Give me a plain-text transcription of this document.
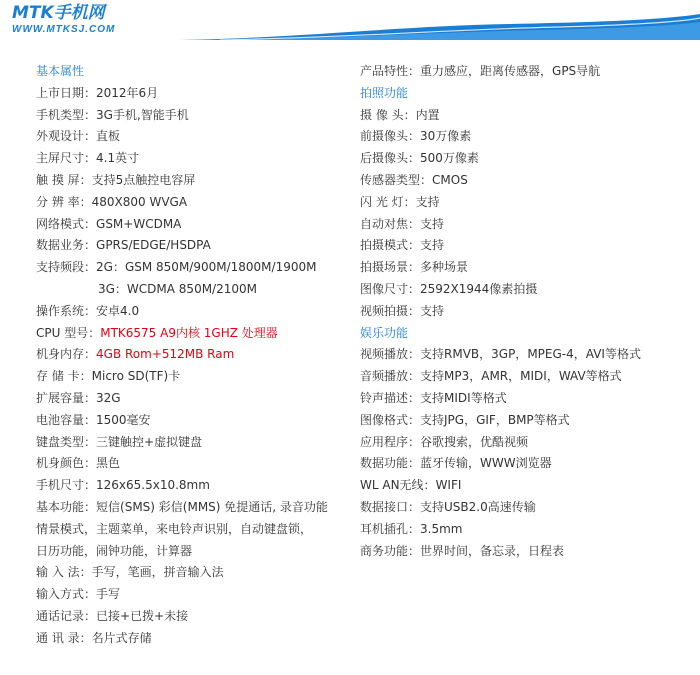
MTK手机网
WWW.MTKSJ.COM
基本属性
上市日期：2012年6月
手机类型：3G手机,智能手机
外观设计：直板
主屏尺寸：4.1英寸
触 摸 屏：支持5点触控电容屏
分 辨 率：480X800 WVGA
网络模式：GSM+WCDMA
数据业务：GPRS/EDGE/HSDPA
支持频段：2G：GSM 850M/900M/1800M/1900M
3G：WCDMA 850M/2100M
操作系统：安卓4.0
CPU 型号：MTK6575 A9内核 1GHZ 处理器
机身内存：4GB Rom+512MB Ram
存 储 卡：Micro SD(TF)卡
扩展容量：32G
电池容量：1500毫安
键盘类型：三键触控+虚拟键盘
机身颜色：黑色
手机尺寸：126x65.5x10.8mm
基本功能：短信(SMS) 彩信(MMS) 免提通话, 录音功能
情景模式，主题菜单，来电铃声识别，自动键盘锁，
日历功能，闹钟功能，计算器
输 入 法：手写，笔画，拼音输入法
输入方式：手写
通话记录：已接+已拨+未接
通 讯 录：名片式存储
产品特性：重力感应，距离传感器，GPS导航
拍照功能
摄 像 头：内置
前摄像头：30万像素
后摄像头：500万像素
传感器类型：CMOS
闪 光 灯：支持
自动对焦：支持
拍摄模式：支持
拍摄场景：多种场景
图像尺寸：2592X1944像素拍摄
视频拍摄：支持
娱乐功能
视频播放：支持RMVB，3GP，MPEG-4，AVI等格式
音频播放：支持MP3，AMR，MIDI，WAV等格式
铃声描述：支持MIDI等格式
图像格式：支持JPG，GIF，BMP等格式
应用程序：谷歌搜索，优酷视频
数据功能：蓝牙传输，WWW浏览器
WL AN无线：WIFI
数据接口：支持USB2.0高速传输
耳机插孔：3.5mm
商务功能：世界时间，备忘录，日程表
